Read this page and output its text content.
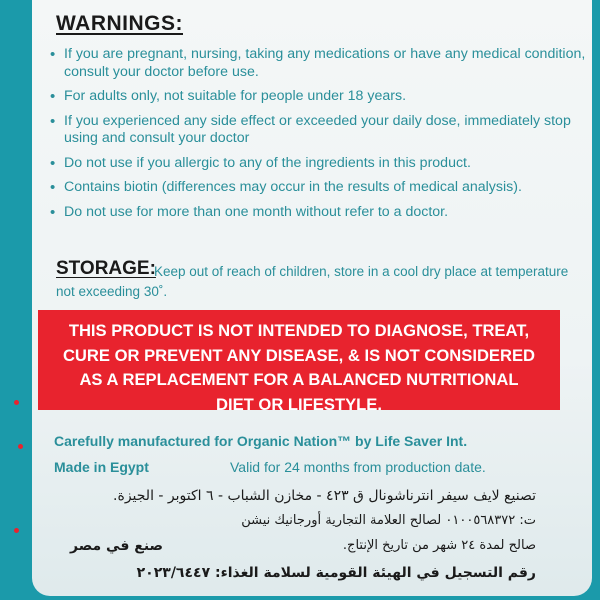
WARNINGS:
• If you are pregnant, nursing, taking any medications or have any medical condition, consult your doctor before use.
• For adults only, not suitable for people under 18 years.
• If you experienced any side effect or exceeded your daily dose, immediately stop using and consult your doctor
• Do not use if you allergic to any of the ingredients in this product.
• Contains biotin (differences may occur in the results of medical analysis).
• Do not use for more than one month without refer to a doctor.
STORAGE:
Keep out of reach of children, store in a cool dry place at temperature not exceeding 30˚.
THIS PRODUCT IS NOT INTENDED TO DIAGNOSE, TREAT,
CURE OR PREVENT ANY DISEASE, & IS NOT CONSIDERED
AS A REPLACEMENT FOR A BALANCED NUTRITIONAL
DIET OR LIFESTYLE.
Carefully manufactured for Organic Nation™ by Life Saver Int.
Made in Egypt	Valid for 24 months from production date.
تصنيع لايف سيفر انترناشونال ق ٤٢٣ - مخازن الشباب - ٦ اكتوبر - الجيزة.
ت: ٠١٠٠٥٦٨٣٧٢ لصالح العلامة التجارية أورجانيك نيشن
صنع في مصر	صالح لمدة ٢٤ شهر من تاريخ الإنتاج.
رقم التسجيل في الهيئة القومية لسلامة الغذاء: ٢٠٢٣/٦٤٤٧
